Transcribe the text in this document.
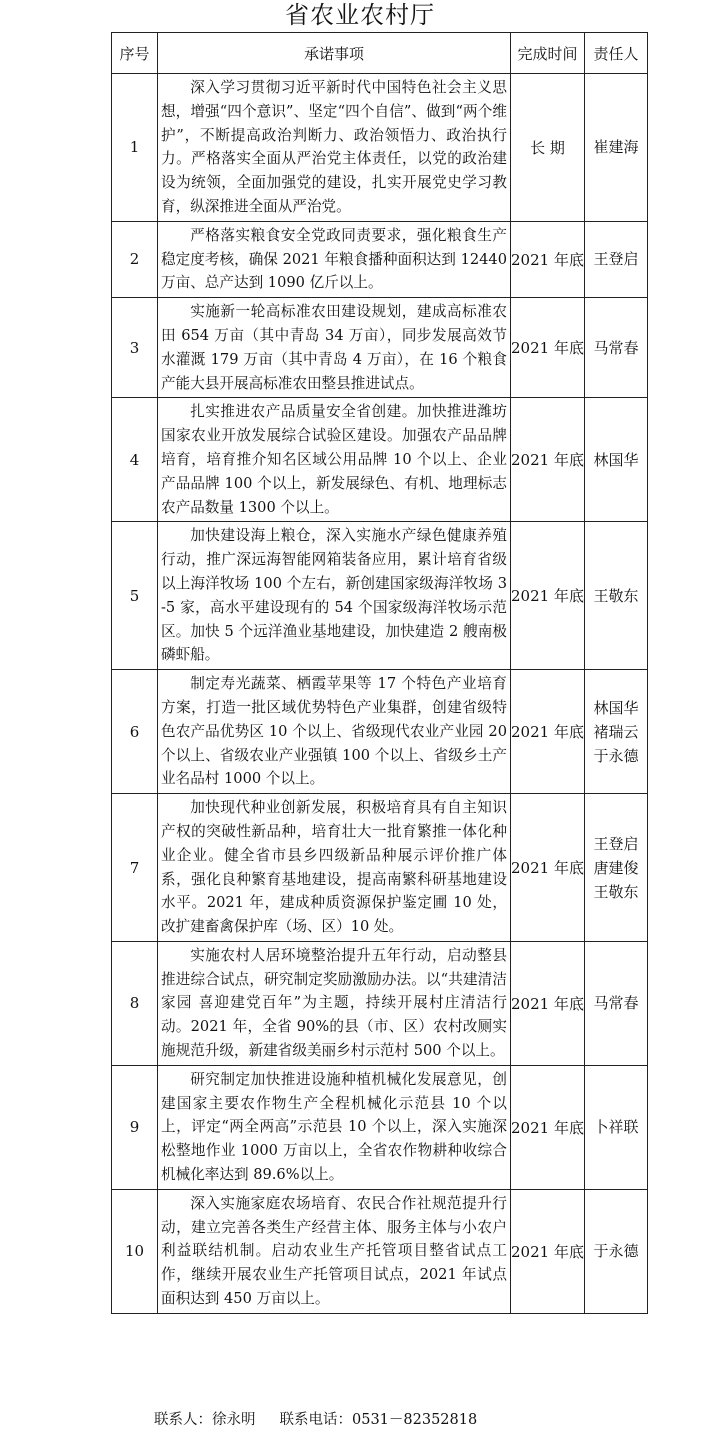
省农业农村厅
序号	承诺事项	完成时间	责任人
1	深入学习贯彻习近平新时代中国特色社会主义思想，增强“四个意识”、坚定“四个自信”、做到“两个维护”，不断提高政治判断力、政治领悟力、政治执行力。严格落实全面从严治党主体责任，以党的政治建设为统领，全面加强党的建设，扎实开展党史学习教育，纵深推进全面从严治党。	长 期	崔建海

2	严格落实粮食安全党政同责要求，强化粮食生产稳定度考核，确保 2021 年粮食播种面积达到 12440 万亩、总产达到 1090 亿斤以上。	2021 年底	王登启

3	实施新一轮高标准农田建设规划，建成高标准农田 654 万亩（其中青岛 34 万亩），同步发展高效节水灌溉 179 万亩（其中青岛 4 万亩），在 16 个粮食产能大县开展高标准农田整县推进试点。	2021 年底	马常春

4	扎实推进农产品质量安全省创建。加快推进潍坊国家农业开放发展综合试验区建设。加强农产品品牌培育，培育推介知名区域公用品牌 10 个以上、企业产品品牌 100 个以上，新发展绿色、有机、地理标志农产品数量 1300 个以上。	2021 年底	林国华

5	加快建设海上粮仓，深入实施水产绿色健康养殖行动，推广深远海智能网箱装备应用，累计培育省级以上海洋牧场 100 个左右，新创建国家级海洋牧场 3-5 家，高水平建设现有的 54 个国家级海洋牧场示范区。加快 5 个远洋渔业基地建设，加快建造 2 艘南极磷虾船。	2021 年底	王敬东

6	制定寿光蔬菜、栖霞苹果等 17 个特色产业培育方案，打造一批区域优势特色产业集群，创建省级特色农产品优势区 10 个以上、省级现代农业产业园 20 个以上、省级农业产业强镇 100 个以上、省级乡土产业名品村 1000 个以上。	2021 年底	林国华
褚瑞云
于永德

7	加快现代种业创新发展，积极培育具有自主知识产权的突破性新品种，培育壮大一批育繁推一体化种业企业。健全省市县乡四级新品种展示评价推广体系，强化良种繁育基地建设，提高南繁科研基地建设水平。2021 年，建成种质资源保护鉴定圃 10 处，改扩建畜禽保护库（场、区）10 处。	2021 年底	王登启
唐建俊
王敬东

8	实施农村人居环境整治提升五年行动，启动整县推进综合试点，研究制定奖励激励办法。以“共建清洁家园 喜迎建党百年”为主题，持续开展村庄清洁行动。2021 年，全省 90%的县（市、区）农村改厕实施规范升级，新建省级美丽乡村示范村 500 个以上。	2021 年底	马常春

9	研究制定加快推进设施种植机械化发展意见，创建国家主要农作物生产全程机械化示范县 10 个以上，评定“两全两高”示范县 10 个以上，深入实施深松整地作业 1000 万亩以上，全省农作物耕种收综合机械化率达到 89.6%以上。	2021 年底	卜祥联

10	深入实施家庭农场培育、农民合作社规范提升行动，建立完善各类生产经营主体、服务主体与小农户利益联结机制。启动农业生产托管项目整省试点工作，继续开展农业生产托管项目试点，2021 年试点面积达到 450 万亩以上。	2021 年底	于永德
联系人：徐永明 联系电话：0531－82352818
